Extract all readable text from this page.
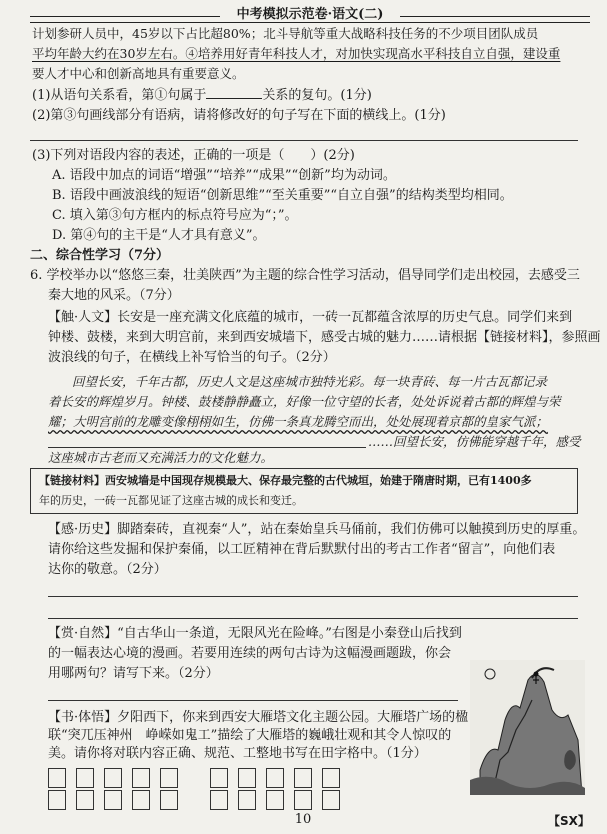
中考模拟示范卷·语文(二)
计划参研人员中，45岁以下占比超80%；北斗导航等重大战略科技任务的不少项目团队成员
平均年龄大约在30岁左右。④培养用好青年科技人才，对加快实现高水平科技自立自强，建设重
要人才中心和创新高地具有重要意义。
(1)从语句关系看，第①句属于	关系的复句。(1分)
(2)第③句画线部分有语病，请将修改好的句子写在下面的横线上。(1分)
(3)下列对语段内容的表述，正确的一项是（　　）(2分)
A. 语段中加点的词语“增强”“培养”“成果”“创新”均为动词。
B. 语段中画波浪线的短语“创新思维”“至关重要”“自立自强”的结构类型均相同。
C. 填入第③句方框内的标点符号应为“；”。
D. 第④句的主干是“人才具有意义”。
二、综合性学习（7分）
6. 学校举办以“悠悠三秦，壮美陕西”为主题的综合性学习活动，倡导同学们走出校园，去感受三
秦大地的风采。（7分）
【触·人文】长安是一座充满文化底蕴的城市，一砖一瓦都蕴含浓厚的历史气息。同学们来到
钟楼、鼓楼，来到大明宫前，来到西安城墙下，感受古城的魅力……请根据【链接材料】，参照画
波浪线的句子，在横线上补写恰当的句子。（2分）
回望长安，千年古都，历史人文是这座城市独特光彩。每一块青砖、每一片古瓦都记录
着长安的辉煌岁月。钟楼、鼓楼静静矗立，好像一位守望的长者，处处诉说着古都的辉煌与荣
耀；大明宫前的龙雕变像栩栩如生，仿佛一条真龙腾空而出，处处展现着京都的皇家气派；
……回望长安，仿佛能穿越千年，感受
这座城市古老而又充满活力的文化魅力。
【链接材料】西安城墙是中国现存规模最大、保存最完整的古代城垣，始建于隋唐时期，已有1400多
年的历史，一砖一瓦都见证了这座古城的成长和变迁。
【感·历史】脚踏秦砖，直视秦“人”，站在秦始皇兵马俑前，我们仿佛可以触摸到历史的厚重。
请你给这些发掘和保护秦俑，以工匠精神在背后默默付出的考古工作者“留言”，向他们表
达你的敬意。（2分）
【赏·自然】“自古华山一条道，无限风光在险峰。”右图是小秦登山后找到
的一幅表达心境的漫画。若要用连续的两句古诗为这幅漫画题跋，你会
用哪两句？请写下来。（2分）
【书·体悟】夕阳西下，你来到西安大雁塔文化主题公园。大雁塔广场的楹
联“突兀压神州　峥嵘如鬼工”描绘了大雁塔的巍峨壮观和其令人惊叹的
美。请你将对联内容正确、规范、工整地书写在田字格中。（1分）
10	【SX】
